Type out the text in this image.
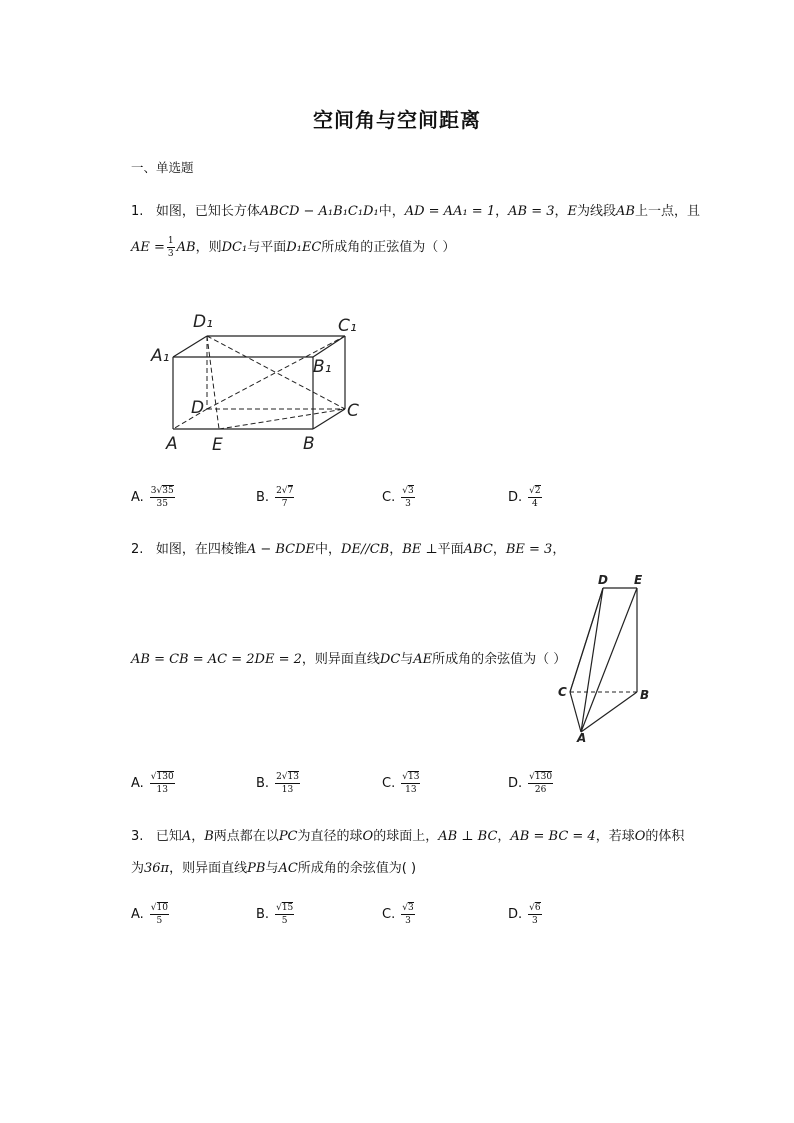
空间角与空间距离
一、单选题
1. 如图，已知长方体ABCD − A₁B₁C₁D₁中，AD = AA₁ = 1，AB = 3，E为线段AB上一点，且
AE = $\frac{1}{3}$ AB ，则 DC₁ 与平面 D₁EC 所成角的正弦值为（ ）
D₁	C₁
A₁
B₁
D	C
A E	B
A. $\frac{3√35}{35}$	B. $\frac{2√7}{7}$	C. $\frac{√3}{3}$	D. $\frac{√2}{4}$
2. 如图，在四棱锥A − BCDE中，DE//CB，BE ⊥平面ABC，BE = 3，
AB = CB = AC = 2DE = 2，则异面直线DC与AE所成角的余弦值为（ ）
D E
C	B
A
A. $\frac{√130}{13}$	B. $\frac{2√13}{13}$	C. $\frac{√13}{13}$	D. $\frac{√130}{26}$
3. 已知A，B两点都在以PC为直径的球O的球面上，AB ⊥ BC，AB = BC = 4，若球O的体积
为36π，则异面直线PB与AC所成角的余弦值为( )
A. $\frac{√10}{5}$	B. $\frac{√15}{5}$	C. $\frac{√3}{3}$	D. $\frac{√6}{3}$
